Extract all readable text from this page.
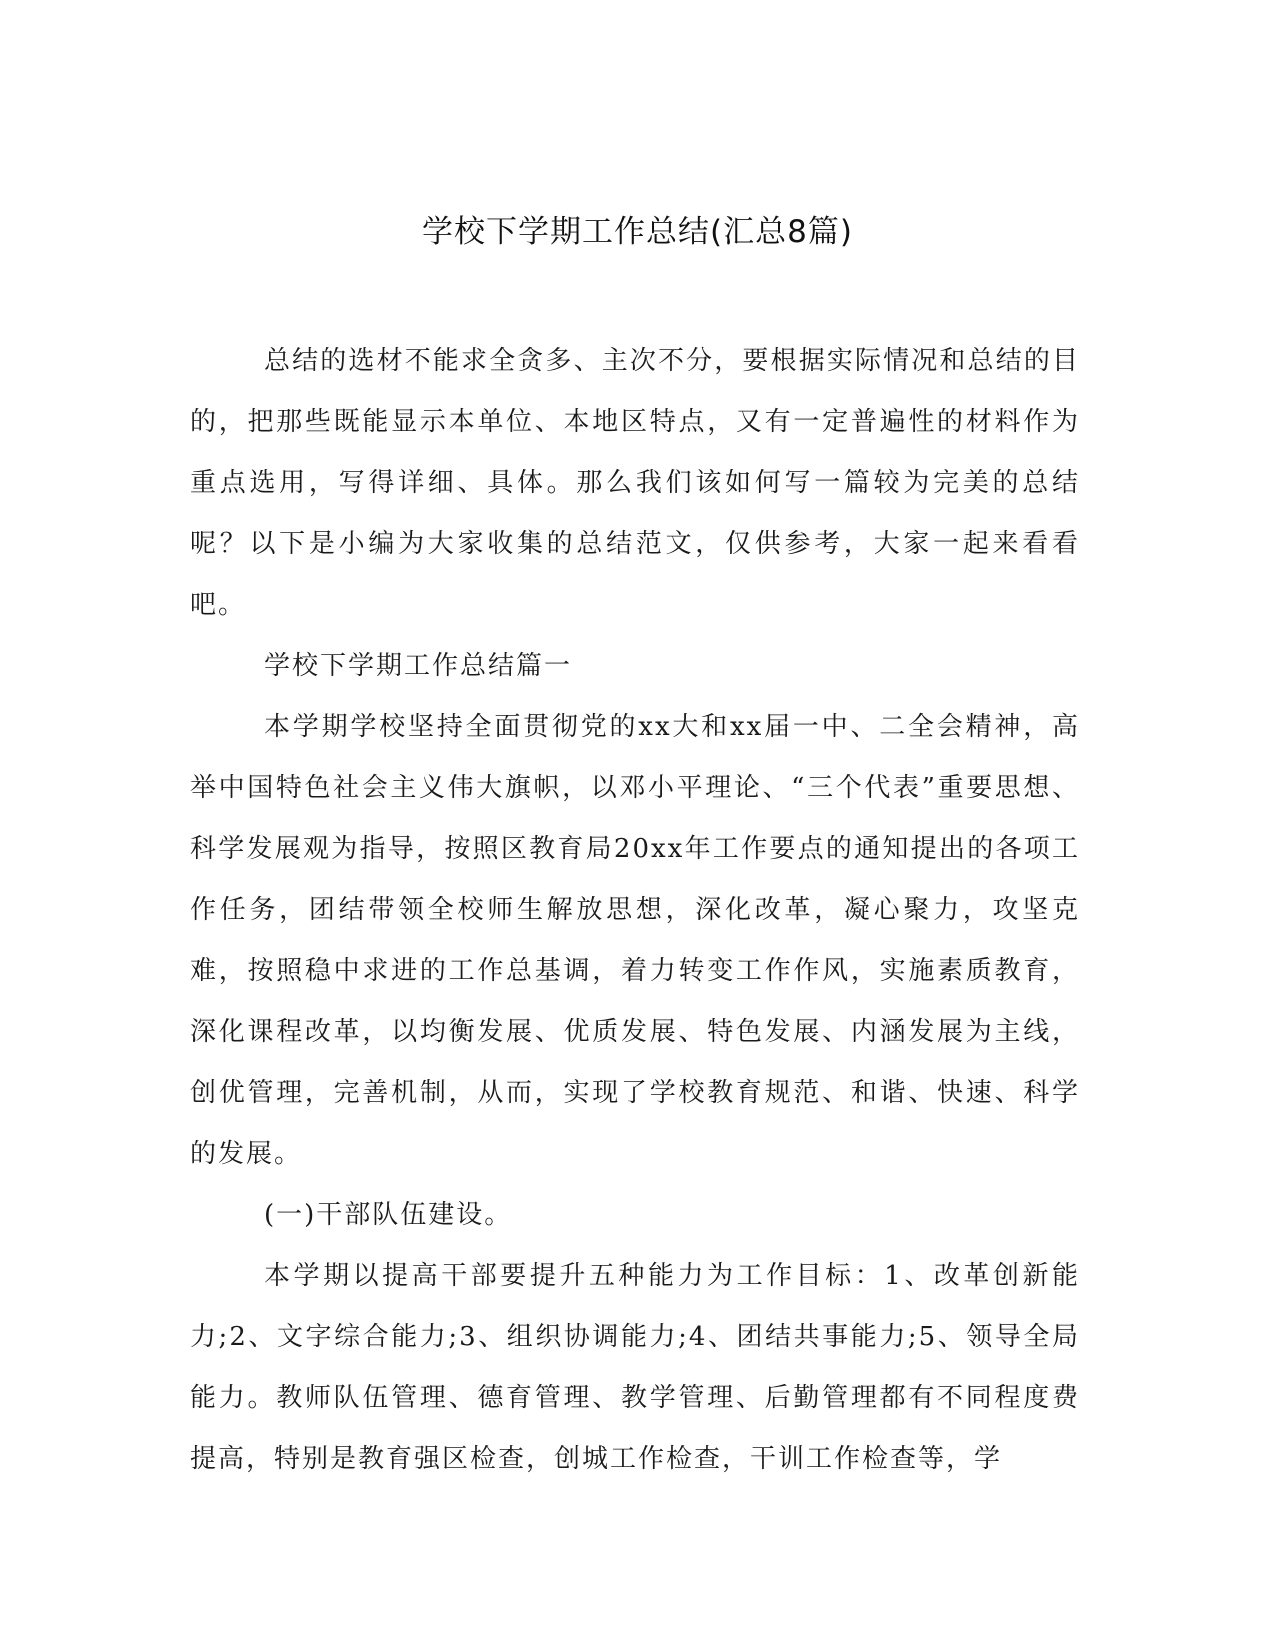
学校下学期工作总结(汇总8篇)

总结的选材不能求全贪多、主次不分，要根据实际情况和总结的目的，把那些既能显示本单位、本地区特点，又有一定普遍性的材料作为重点选用，写得详细、具体。那么我们该如何写一篇较为完美的总结呢？以下是小编为大家收集的总结范文，仅供参考，大家一起来看看吧。

学校下学期工作总结篇一

本学期学校坚持全面贯彻党的xx大和xx届一中、二全会精神，高举中国特色社会主义伟大旗帜，以邓小平理论、“三个代表”重要思想、科学发展观为指导，按照区教育局20xx年工作要点的通知提出的各项工作任务，团结带领全校师生解放思想，深化改革，凝心聚力，攻坚克难，按照稳中求进的工作总基调，着力转变工作作风，实施素质教育，深化课程改革，以均衡发展、优质发展、特色发展、内涵发展为主线，创优管理，完善机制，从而，实现了学校教育规范、和谐、快速、科学的发展。

(一)干部队伍建设。

本学期以提高干部要提升五种能力为工作目标：1、改革创新能力;2、文字综合能力;3、组织协调能力;4、团结共事能力;5、领导全局能力。教师队伍管理、德育管理、教学管理、后勤管理都有不同程度费提高，特别是教育强区检查，创城工作检查，干训工作检查等，学
